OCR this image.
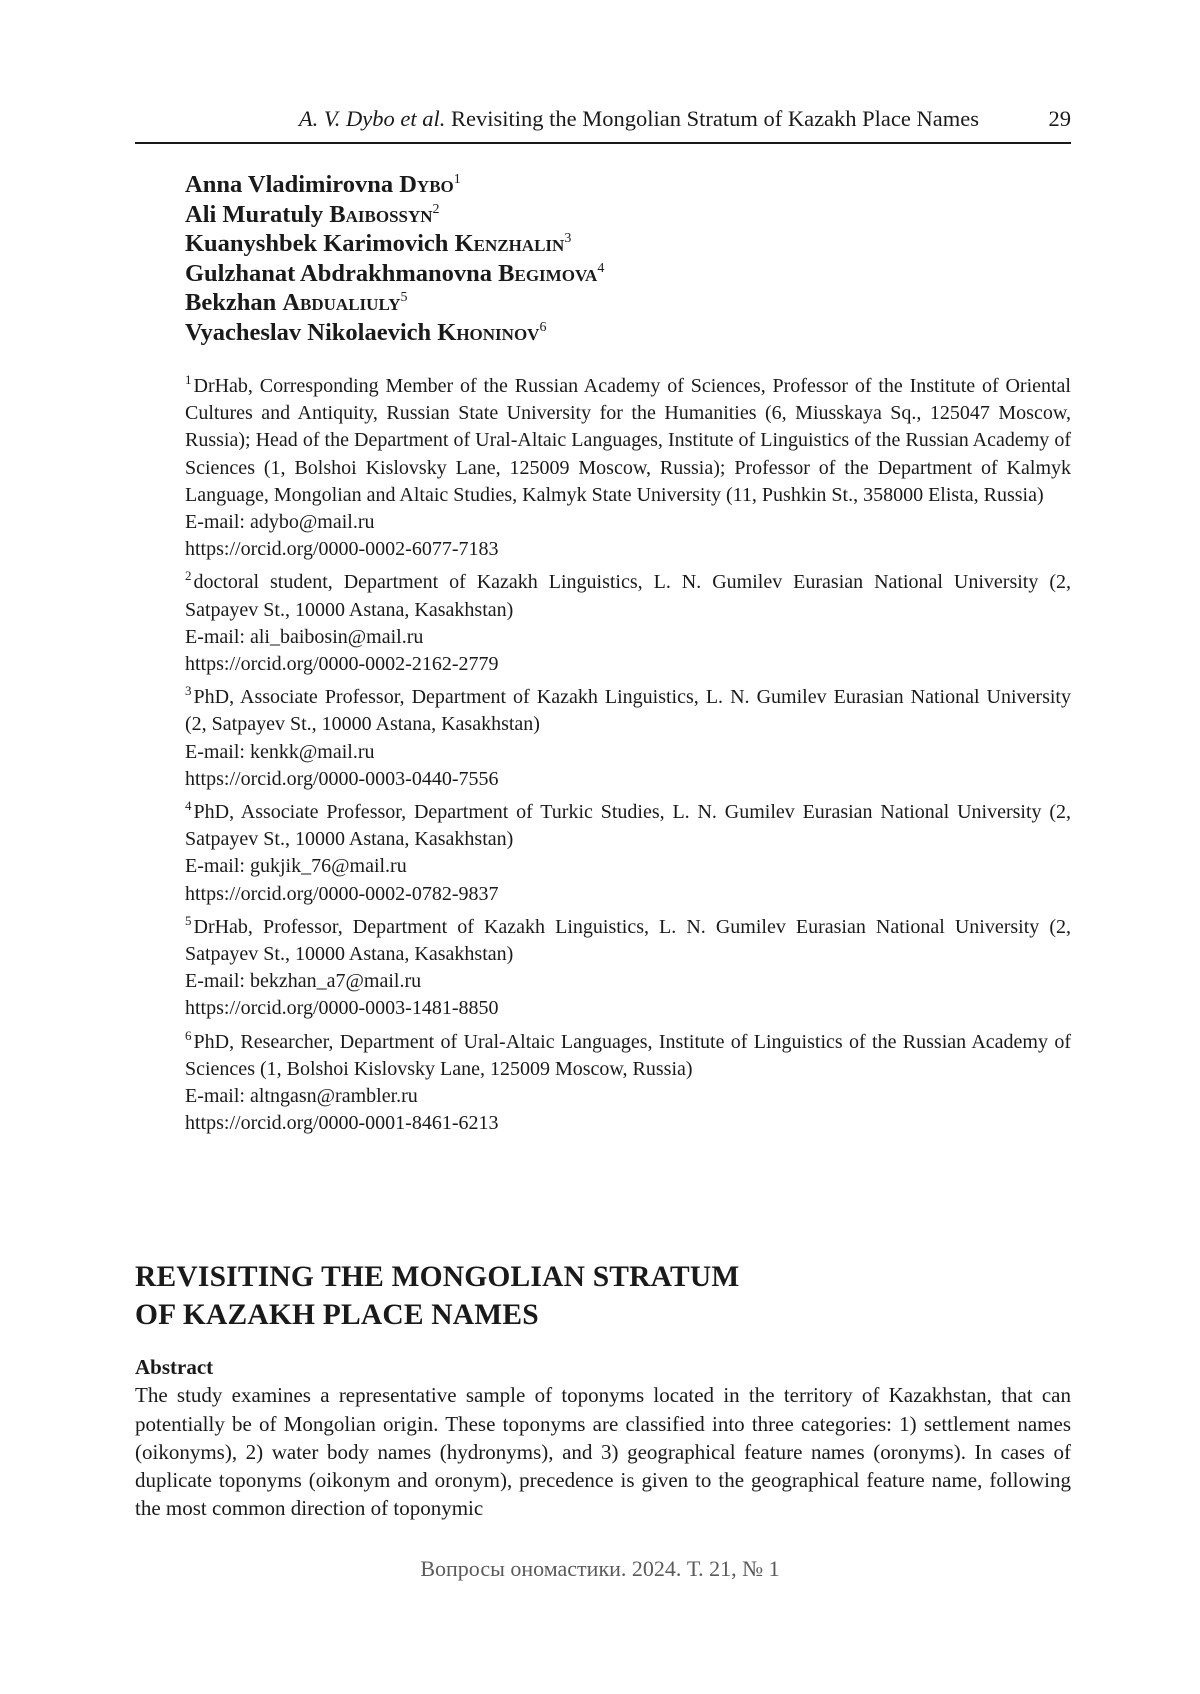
A. V. Dybo et al. Revisiting the Mongolian Stratum of Kazakh Place Names	29
Anna Vladimirovna Dybo$^1$
Ali Muratuly Baibossyn$^2$
Kuanyshbek Karimovich Kenzhalin$^3$
Gulzhanat Abdrakhmanovna Begimova$^4$
Bekzhan Abdualiuly$^5$
Vyacheslav Nikolaevich Khoninov$^6$
$^1$ DrHab, Corresponding Member of the Russian Academy of Sciences, Professor of the Institute of Oriental Cultures and Antiquity, Russian State University for the Humanities (6, Miusskaya Sq., 125047 Moscow, Russia); Head of the Department of Ural-Altaic Languages, Institute of Linguistics of the Russian Academy of Sciences (1, Bolshoi Kislovsky Lane, 125009 Moscow, Russia); Professor of the Department of Kalmyk Language, Mongolian and Altaic Studies, Kalmyk State University (11, Pushkin St., 358000 Elista, Russia)
E-mail: adybo@mail.ru
https://orcid.org/0000-0002-6077-7183
$^2$ doctoral student, Department of Kazakh Linguistics, L. N. Gumilev Eurasian National University (2, Satpayev St., 10000 Astana, Kasakhstan)
E-mail: ali_baibosin@mail.ru
https://orcid.org/0000-0002-2162-2779
$^3$ PhD, Associate Professor, Department of Kazakh Linguistics, L. N. Gumilev Eurasian National University (2, Satpayev St., 10000 Astana, Kasakhstan)
E-mail: kenkk@mail.ru
https://orcid.org/0000-0003-0440-7556
$^4$ PhD, Associate Professor, Department of Turkic Studies, L. N. Gumilev Eurasian National University (2, Satpayev St., 10000 Astana, Kasakhstan)
E-mail: gukjik_76@mail.ru
https://orcid.org/0000-0002-0782-9837
$^5$ DrHab, Professor, Department of Kazakh Linguistics, L. N. Gumilev Eurasian National University (2, Satpayev St., 10000 Astana, Kasakhstan)
E-mail: bekzhan_a7@mail.ru
https://orcid.org/0000-0003-1481-8850
$^6$ PhD, Researcher, Department of Ural-Altaic Languages, Institute of Linguistics of the Russian Academy of Sciences (1, Bolshoi Kislovsky Lane, 125009 Moscow, Russia)
E-mail: altngasn@rambler.ru
https://orcid.org/0000-0001-8461-6213
REVISITING THE MONGOLIAN STRATUM
OF KAZAKH PLACE NAMES
Abstract
The study examines a representative sample of toponyms located in the territory of Kazakhstan, that can potentially be of Mongolian origin. These toponyms are classified into three categories: 1) settlement names (oikonyms), 2) water body names (hydronyms), and 3) geographical feature names (oronyms). In cases of duplicate toponyms (oikonym and oronym), precedence is given to the geographical feature name, following the most common direction of toponymic
Вопросы ономастики. 2024. Т. 21, № 1
